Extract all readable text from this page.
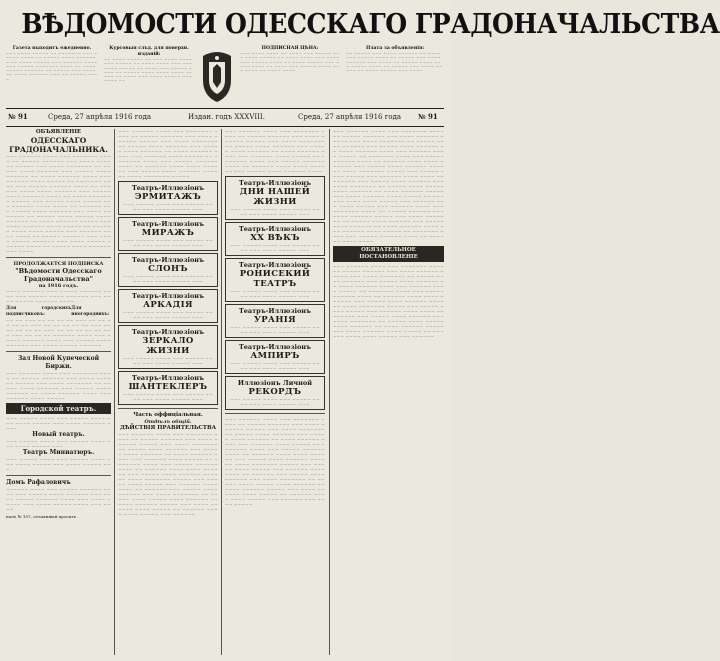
ВѢДОМОСТИ ОДЕССКАГО ГРАДОНАЧАЛЬСТВА
Газета выходитъ ежедневно.
~~~ ~~~~ ~~~~~ ~~ ~~~~~~~ ~~~ ~~~~~ ~~~~ ~~ ~~~~~ ~~~~ ~~~~~~~ ~~ ~~~~ ~~~~~ ~~~ ~~~~~~ ~~~~ ~~~ ~~~~~ ~~~~~~~ ~~~~ ~~ ~~~~ ~~~~~ ~~~~~~ ~~ ~~~~~ ~~~ ~~~~~~ ~~~~ ~~~~~~ ~~~ ~~ ~~~~~ ~~~~
Курсовыя слъд. для поверхн. изданiй:
~~ ~~~~ ~~~~~ ~~ ~~~ ~~~~ ~~~~ ~~~ ~~~~~ ~~ ~~~~ ~~~~ ~~~ ~~~ ~~~~ ~~~~~ ~~ ~~~~ ~~~ ~~~~~ ~~~~ ~~ ~~~~~ ~~~~ ~~~~ ~~~~ ~~~~~ ~~ ~~~~ ~~~ ~~~~ ~~~~~ ~~~ ~~~~ ~~
ПОДПИСНАЯ ЦѢНА:
~~~ ~~~~ ~~~~ ~~ ~~~~ ~~~ ~~~~~ ~~~ ~~~~ ~~~~~ ~~ ~~~~ ~~~~ ~~~ ~~~~ ~~~ ~~~~~ ~~~~ ~~ ~~~~ ~~~~~ ~~~ ~~~~ ~~~~ ~~ ~~~~ ~~~ ~~~~~ ~~~~ ~~~ ~~~~ ~~ ~~~~ ~~~~
Плата за объявленiя:
~~ ~~~~~ ~~~ ~~~~ ~~~~~~ ~~ ~~~~ ~~~ ~~~~~ ~~~~ ~~ ~~~~~ ~~~ ~~~~ ~~~~~~ ~~~ ~~~~ ~~ ~~~~~ ~~~~ ~~~ ~~~~~ ~~~~ ~~ ~~~~~ ~~~ ~~~~ ~~~~~ ~~ ~~~~ ~~~~~ ~~~ ~~~~
№ 91	Среда, 27 апрѣля 1916 года	Издан. годъ XXXVIII.	Среда, 27 апрѣля 1916 года № 91
ОБЪЯВЛЕНIЕ
ОДЕССКАГО ГРАДОНАЧАЛЬНИКА.
~~~ ~~~~~~ ~~~~ ~~~ ~~~~~~~ ~~~~ ~~ ~~~~~ ~~~~~~ ~~~ ~~~~ ~~~~~~ ~~~~~ ~~~ ~~~~ ~~~~~~~ ~~ ~~~~~ ~~~~ ~~~~~~ ~~~ ~~~~~ ~~~~ ~~~~~~ ~~ ~~~~ ~~~~~~ ~~~~ ~~~ ~~~~~~ ~~~~ ~~~~~ ~~ ~~~~~~~ ~~~~ ~~~ ~~~~~ ~~~~~~ ~~~~ ~~ ~~~~~~ ~~~~ ~~~~ ~~~~~~ ~~~ ~~~~~ ~~~~ ~~~~~~ ~~~~ ~~ ~~~~ ~~~~~~~ ~~~~~ ~~~ ~~~~~ ~~~~ ~~~~~ ~~~ ~~~~~~ ~~~~ ~~~~ ~~ ~~~~~~ ~~~ ~~~~~ ~~~~ ~~~~~~ ~~~ ~~~~ ~~~~~~~ ~~ ~~~~~ ~~~~ ~~~~~ ~~~~ ~~~~~~ ~~ ~~~~ ~~~~~~ ~~~~~ ~~~ ~~~~ ~~~~~~ ~~~~ ~~~~~ ~~ ~~~~~~ ~~~~ ~~~~ ~~~~~ ~~~ ~~~~~~ ~~~~ ~~~~ ~~ ~~~~~ ~~~~~~ ~~~ ~~~~ ~~~~~ ~~~~~~ ~~~ ~~~~ ~~~~~ ~~~~~~ ~~~~ ~~ ~~~~~ ~~~~ ~~~~~~ ~~~ ~~~~
ПРОДОЛЖАЕТСЯ ПОДПИСКА
"Вѣдомости Одесскаго Градоначальства"
на 1916 годъ.
~~~~ ~~~~~~ ~~~ ~~~~~ ~~~~~~ ~~~~ ~~~ ~~~~~ ~~~~ ~~~~~~ ~~~ ~~~~ ~~~~~ ~~~~~~ ~~~~
Для городскихъ подписчиковъ:
Для иногороднихъ:
~~ ~~ ~~~ ~~ ~~ ~~ ~~ ~~~ ~~ ~~ ~~ ~~ ~~ ~~~ ~~ ~~ ~~ ~~ ~~ ~~~ ~~ ~~ ~~ ~~ ~~ ~~~ ~~ ~~ ~~ ~~ ~~ ~~~ ~~~ ~~ ~~ ~~ ~~~~~~ ~~~~ ~~~ ~~~~~ ~~~~~~ ~~~~ ~~~ ~~~~~ ~~~~ ~~~~~~ ~~~ ~~~~ ~~~~~ ~~~~~~
Зал Новой Купеческой Биржи.
~~~ ~~~~~~ ~~~~ ~~~ ~~~~~~~ ~~~~ ~~ ~~~~~ ~~~~~~ ~~~ ~~~~ ~~~~~~ ~~~~~ ~~~ ~~~~ ~~~~~~~ ~~ ~~~~~ ~~~~ ~~~~~~ ~~~ ~~~~~ ~~~~ ~~~~~~ ~~ ~~~~ ~~~~~~ ~~~~ ~~~ ~~~~~~ ~~~~ ~~~~~
Городской театръ.
~~~ ~~~~~ ~~~~ ~~~ ~~~~~ ~~~~ ~~~ ~~~~ ~~~~~ ~~~ ~~~~ ~~~~~~ ~~~~
Новый театръ.
~~~ ~~~~~ ~~~~ ~~~ ~~~~~ ~~~~ ~~~ ~~~~ ~~~~~ ~~~
Театръ Миниатюръ.
~~~ ~~~~~ ~~~~ ~~~ ~~~~~ ~~~~ ~~~ ~~~~ ~~~~~ ~~~ ~~~~ ~~~~~ ~~~
Домъ Рафаловичъ
~~~~~~ ~~~~ ~~~ ~~~~~ ~~~~~~ ~~~~ ~~~ ~~~~~ ~~~~ ~~~~~~ ~~~ ~~~~ ~~~~~ ~~~~~~ ~~~~ ~~~ ~~~~ ~~~~~ ~~~ ~~~~ ~~~~~ ~~~~ ~~~ ~~~~
налъ № 107, отчаянный проектъ.
~~~ ~~~~~~ ~~~~ ~~~ ~~~~~~~ ~~~~ ~~ ~~~~~ ~~~~~~ ~~~ ~~~~ ~~~~~~ ~~~~~ ~~~ ~~~~ ~~~~~~~ ~~ ~~~~~ ~~~~ ~~~~~~ ~~~ ~~~~~ ~~~~ ~~~~~~ ~~ ~~~~ ~~~~~~ ~~~~ ~~~ ~~~~~~ ~~~~ ~~~~~ ~~ ~~~~~~~ ~~~~ ~~~ ~~~~~ ~~~~~~ ~~~~ ~~ ~~~~~~ ~~~~ ~~~~ ~~~~~~ ~~~ ~~~~~ ~~~~ ~~~~~~ ~~~~ ~~ ~~~~ ~~~~~~~ ~~~~~
Театръ-Иллюзiонъ
ЭРМИТАЖЪ
~~~ ~~~~~ ~~~~ ~~~ ~~~~~ ~~~~ ~~~ ~~~~ ~~~~~ ~~~
Театръ-Иллюзiонъ
МИРАЖЪ
~~~ ~~~~~ ~~~~ ~~~ ~~~~~ ~~~~ ~~~ ~~~~ ~~~~~ ~~~
Театръ-Иллюзiонъ
СЛОНЪ
~~~ ~~~~~ ~~~~ ~~~ ~~~~~ ~~~~ ~~~ ~~~~ ~~~~~ ~~~
Театръ-Иллюзiонъ
АРКАДIЯ
~~~ ~~~~~ ~~~~ ~~~ ~~~~~ ~~~~ ~~~ ~~~~ ~~~~~ ~~~
Театръ-Иллюзiонъ
ЗЕРКАЛО ЖИЗНИ
~~~ ~~~~~ ~~~~ ~~~ ~~~~~ ~~~~ ~~~ ~~~~ ~~~~~ ~~~
Театръ-Иллюзiонъ
ШАНТЕКЛЕРЪ
~~~ ~~~~~ ~~~~ ~~~ ~~~~~ ~~~~ ~~~ ~~~~ ~~~~~ ~~~
Часть оффицiальная.
Отдѣлъ общiй.
ДѢЙСТВIЯ ПРАВИТЕЛЬСТВА
~~~ ~~~~~~ ~~~~ ~~~ ~~~~~~~ ~~~~ ~~ ~~~~~ ~~~~~~ ~~~ ~~~~ ~~~~~~ ~~~~~ ~~~ ~~~~ ~~~~~~~ ~~ ~~~~~ ~~~~ ~~~~~~ ~~~ ~~~~~ ~~~~ ~~~~~~ ~~ ~~~~ ~~~~~~ ~~~~ ~~~ ~~~~~~ ~~~~ ~~~~~ ~~ ~~~~~~~ ~~~~ ~~~ ~~~~~ ~~~~~~ ~~~~ ~~ ~~~~~~ ~~~~ ~~~~ ~~~~~~ ~~~ ~~~~~ ~~~~ ~~~~~~ ~~~~ ~~ ~~~~ ~~~~~~~ ~~~~~ ~~~ ~~~~~ ~~~~ ~~~~~ ~~~ ~~~~~~ ~~~~ ~~~~ ~~ ~~~~~~ ~~~ ~~~~~ ~~~~ ~~~~~~ ~~~ ~~~~ ~~~~~~~ ~~ ~~~~~ ~~~~ ~~~~~ ~~~~ ~~~~~~ ~~ ~~~~ ~~~~~~ ~~~~~ ~~~ ~~~~ ~~~~~~ ~~~~ ~~~~~ ~~ ~~~~~~ ~~~~ ~~~~ ~~~~~ ~~~ ~~~~~~
~~~ ~~~~~~ ~~~~ ~~~ ~~~~~~~ ~~~~ ~~ ~~~~~ ~~~~~~ ~~~ ~~~~ ~~~~~~ ~~~~~ ~~~ ~~~~ ~~~~~~~ ~~ ~~~~~ ~~~~ ~~~~~~ ~~~ ~~~~~ ~~~~ ~~~~~~ ~~ ~~~~ ~~~~~~ ~~~~ ~~~ ~~~~~~ ~~~~ ~~~~~ ~~ ~~~~~~~ ~~~~ ~~~ ~~~~~ ~~~~~~ ~~~~ ~~ ~~~~~~ ~~~~ ~~~~ ~~~~~~ ~~~ ~~~~~ ~~~~ ~~~~~~ ~~~~
Театръ-Иллюзiонъ
ДНИ НАШЕЙ ЖИЗНИ
~~~ ~~~~~ ~~~~ ~~~ ~~~~~ ~~~~ ~~~ ~~~~ ~~~~~ ~~~
Театръ-Иллюзiонъ
XX ВѢКЪ
~~~ ~~~~~ ~~~~ ~~~ ~~~~~ ~~~~ ~~~ ~~~~ ~~~~~ ~~~
Театръ-Иллюзiонъ
РОНИСЕКИЙ ТЕАТРЪ
~~~ ~~~~~ ~~~~ ~~~ ~~~~~ ~~~~ ~~~ ~~~~ ~~~~~ ~~~
Театръ-Иллюзiонъ
УРАНIЯ
~~~ ~~~~~ ~~~~ ~~~ ~~~~~ ~~~~ ~~~ ~~~~ ~~~~~ ~~~
Театръ-Иллюзiонъ
АМПИРЪ
~~~ ~~~~~ ~~~~ ~~~ ~~~~~ ~~~~ ~~~ ~~~~ ~~~~~ ~~~
Иллюзiонъ Личной
РЕКОРДЪ
~~~ ~~~~~ ~~~~ ~~~ ~~~~~ ~~~~ ~~~ ~~~~ ~~~~~ ~~~
~~~ ~~~~~~ ~~~~ ~~~ ~~~~~~~ ~~~~ ~~ ~~~~~ ~~~~~~ ~~~ ~~~~ ~~~~~~ ~~~~~ ~~~ ~~~~ ~~~~~~~ ~~ ~~~~~ ~~~~ ~~~~~~ ~~~ ~~~~~ ~~~~ ~~~~~~ ~~ ~~~~ ~~~~~~ ~~~~ ~~~ ~~~~~~ ~~~~ ~~~~~ ~~ ~~~~~~~ ~~~~ ~~~ ~~~~~ ~~~~~~ ~~~~ ~~ ~~~~~~ ~~~~ ~~~~ ~~~~~~ ~~~ ~~~~~ ~~~~ ~~~~~~ ~~~~ ~~ ~~~~ ~~~~~~~ ~~~~~ ~~~ ~~~~~ ~~~~ ~~~~~ ~~~ ~~~~~~ ~~~~ ~~~~ ~~ ~~~~~~ ~~~ ~~~~~ ~~~~ ~~~~~~ ~~~ ~~~~ ~~~~~~~ ~~ ~~~~~ ~~~~ ~~~~~ ~~~~ ~~~~~~ ~~ ~~~~ ~~~~~~ ~~~~~ ~~~ ~~~~ ~~~~~~ ~~~~ ~~~~~ ~~ ~~~~~~ ~~~~ ~~~~ ~~~~~ ~~~ ~~~~~~ ~~~ ~~~~ ~~~~~
~~~ ~~~~~~ ~~~~ ~~~ ~~~~~~~ ~~~~ ~~ ~~~~~ ~~~~~~ ~~~ ~~~~ ~~~~~~ ~~~~~ ~~~ ~~~~ ~~~~~~~ ~~ ~~~~~ ~~~~ ~~~~~~ ~~~ ~~~~~ ~~~~ ~~~~~~ ~~ ~~~~ ~~~~~~ ~~~~ ~~~ ~~~~~~ ~~~~ ~~~~~ ~~ ~~~~~~~ ~~~~ ~~~ ~~~~~ ~~~~~~ ~~~~ ~~ ~~~~~~ ~~~~ ~~~~ ~~~~~~ ~~~ ~~~~~ ~~~~ ~~~~~~ ~~~~ ~~ ~~~~ ~~~~~~~ ~~~~~ ~~~ ~~~~~ ~~~~ ~~~~~ ~~~ ~~~~~~ ~~~~ ~~~~ ~~ ~~~~~~ ~~~ ~~~~~ ~~~~ ~~~~~~ ~~~ ~~~~ ~~~~~~~ ~~ ~~~~~ ~~~~ ~~~~~ ~~~~ ~~~~~~ ~~ ~~~~ ~~~~~~ ~~~~~ ~~~ ~~~~ ~~~~~~ ~~~~ ~~~~~ ~~ ~~~~~~ ~~~~ ~~~~ ~~~~~ ~~~ ~~~~~~ ~~~ ~~~~ ~~~~~ ~~~ ~~~~~~ ~~~~ ~~~ ~~~~~~~ ~~~~ ~~ ~~~~~ ~~~~~~ ~~~ ~~~~ ~~~~~~ ~~~~~ ~~~ ~~~~ ~~~~~~~ ~~ ~~~~~ ~~~~ ~~~~~~ ~~~ ~~~~~ ~~~~ ~~~~~~ ~~ ~~~~ ~~~~~~ ~~~~ ~~~ ~~~~~~ ~~~~ ~~~~~ ~~ ~~~~~~~ ~~~~ ~~~ ~~~~~ ~~~~~~ ~~~~ ~~ ~~~~~~ ~~~~ ~~~~
ОБЯЗАТЕЛЬНОЕ ПОСТАНОВЛЕНIЕ
~~~ ~~~~~~ ~~~~ ~~~ ~~~~~~~ ~~~~ ~~ ~~~~~ ~~~~~~ ~~~ ~~~~ ~~~~~~ ~~~~~ ~~~ ~~~~ ~~~~~~~ ~~ ~~~~~ ~~~~ ~~~~~~ ~~~ ~~~~~ ~~~~ ~~~~~~ ~~ ~~~~ ~~~~~~ ~~~~ ~~~ ~~~~~~ ~~~~ ~~~~~ ~~ ~~~~~~~ ~~~~ ~~~ ~~~~~ ~~~~~~ ~~~~ ~~ ~~~~~~ ~~~~ ~~~~ ~~~~~~ ~~~ ~~~~~ ~~~~ ~~~~~~ ~~~~ ~~ ~~~~ ~~~~~~~ ~~~~~ ~~~ ~~~~~ ~~~~ ~~~~~ ~~~ ~~~~~~ ~~~~ ~~~~ ~~ ~~~~~~ ~~~ ~~~~~ ~~~~ ~~~~~~ ~~~ ~~~~ ~~~~~~~ ~~ ~~~~~ ~~~~ ~~~~~ ~~~~ ~~~~~~ ~~ ~~~~ ~~~~~~ ~~~~~ ~~~ ~~~~ ~~~~~~ ~~~~ ~~~~~ ~~ ~~~~~~ ~~~~ ~~~~ ~~~~~ ~~~ ~~~~~~
